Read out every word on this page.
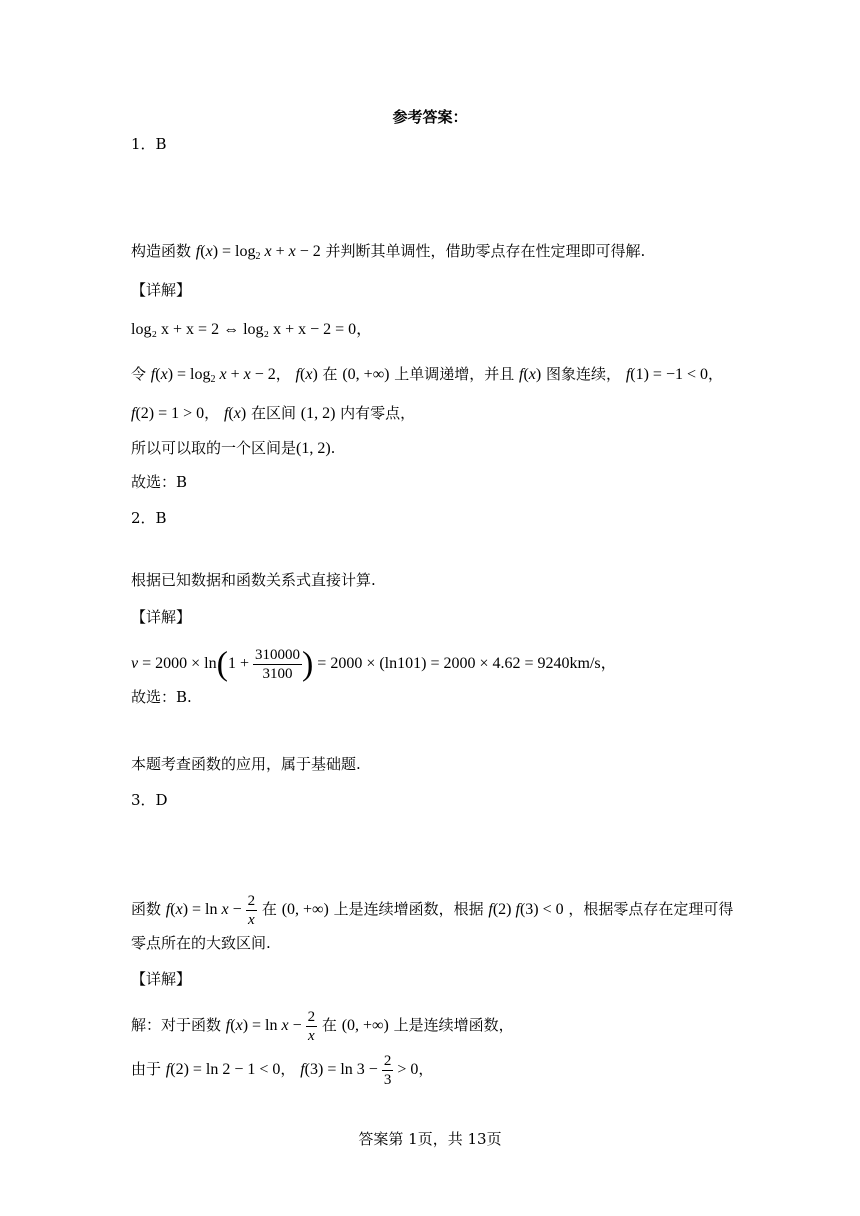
参考答案：
1．B
构造函数 $f(x) = \log_2 x + x - 2$ 并判断其单调性，借助零点存在性定理即可得解.
【详解】
log₂ x + x = 2 ⇔ log₂ x + x − 2 = 0，
令 $f(x) = \log_2 x + x - 2$， f(x) 在 (0, +∞) 上单调递增，并且 f(x) 图象连续， f(1) = −1 < 0，
f(2) = 1 > 0， f(x) 在区间 (1, 2) 内有零点，
所以可以取的一个区间是(1, 2).
故选：B
2．B
根据已知数据和函数关系式直接计算.
【详解】
$v = 2000 \times \ln(1 + \frac{310000}{3100}$ ) = 2000 × (ln101) = 2000 × 4.62 = 9240km/s，
故选：B.
本题考查函数的应用，属于基础题.
3．D
函数 $f(x) = \ln x - \frac{2}{x}$ 在 (0, +∞) 上是连续增函数，根据 f(2) f(3) < 0 ，根据零点存在定理可得
零点所在的大致区间.
【详解】
解：对于函数 $f(x) = \ln x - \frac{2}{x}$ 在 (0, +∞) 上是连续增函数，
由于 f(2) = ln 2 − 1 < 0， $f(3) = \ln 3 - \frac{2}{3} > 0$，
答案第 1页，共 13页
